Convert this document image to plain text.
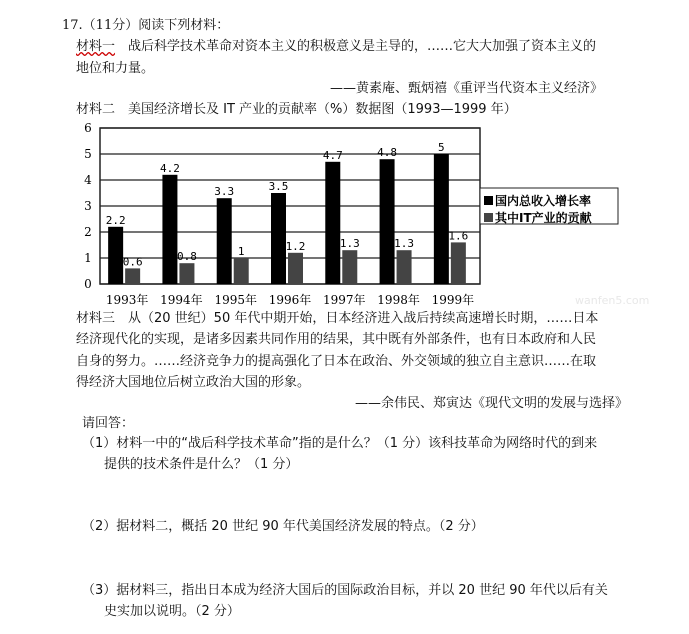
17.（11分）阅读下列材料：
材料一　 战后科学技术革命对资本主义的积极意义是主导的，……它大大加强了资本主义的
地位和力量。
——黄素庵、甄炳禧《重评当代资本主义经济》
材料二　美国经济增长及 IT 产业的贡献率（%）数据图（1993—1999 年）
0
1
2
3
4
5
6
2.2
0.6
1993年
4.2
0.8
1994年
3.3
1
1995年
3.5
1.2
1996年
4.7
1.3
1997年
4.8
1.3
1998年
5
1.6
1999年
国内总收入增长率
其中IT产业的贡献
wanfen5.com
材料三　从（20 世纪）50 年代中期开始，日本经济进入战后持续高速增长时期，……日本
经济现代化的实现，是诸多因素共同作用的结果，其中既有外部条件，也有日本政府和人民
自身的努力。……经济竞争力的提高强化了日本在政治、外交领域的独立自主意识……在取
得经济大国地位后树立政治大国的形象。
——余伟民、郑寅达《现代文明的发展与选择》
请回答：
（1）材料一中的“战后科学技术革命”指的是什么？（1 分）该科技革命为网络时代的到来
提供的技术条件是什么？（1 分）
（2）据材料二，概括 20 世纪 90 年代美国经济发展的特点。（2 分）
（3）据材料三，指出日本成为经济大国后的国际政治目标，并以 20 世纪 90 年代以后有关
史实加以说明。（2 分）
